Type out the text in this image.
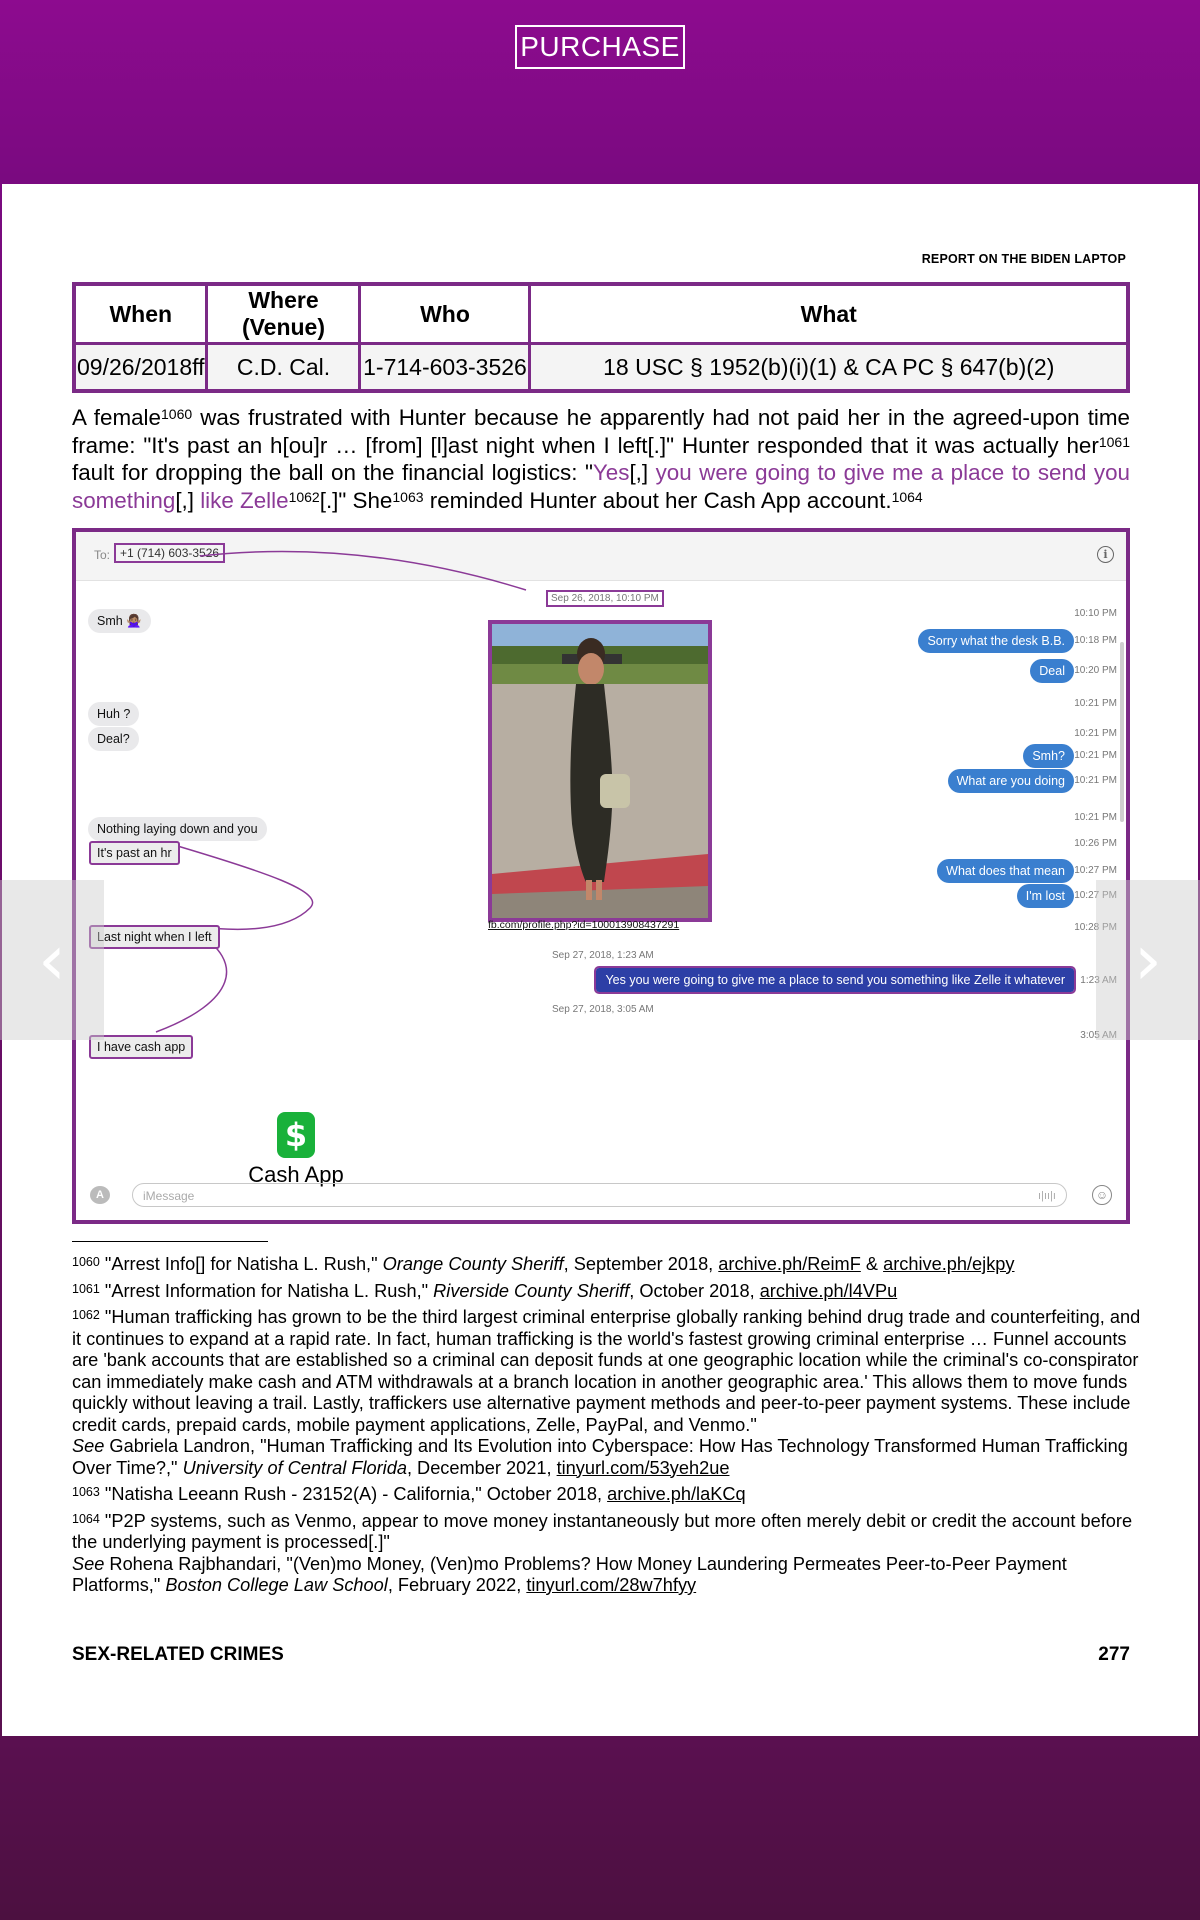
PURCHASE
REPORT ON THE BIDEN LAPTOP
When	Where (Venue)	Who	What
09/26/2018ff	C.D. Cal.	1-714-603-3526	18 USC § 1952(b)(i)(1) & CA PC § 647(b)(2)
A female$^{1060}$ was frustrated with Hunter because he apparently had not paid her in the agreed-upon time frame: "It's past an h[ou]r … [from] [l]ast night when I left[.]" Hunter responded that it was actually her$^{1061}$ fault for dropping the ball on the financial logistics: "Yes[,] you were going to give me a place to send you something[,] like Zelle$^{1062}$[.]" She$^{1063}$ reminded Hunter about her Cash App account.$^{1064}$
To: +1 (714) 603-3526	i
Sep 26, 2018, 10:10 PM
Smh 🙅🏽‍♀️
Huh ?
Deal?
Nothing laying down and you
It's past an hr
Last night when I left
I have cash app
fb.com/profile.php?id=100013908437291
Sorry what the desk B.B.
Deal
Smh?
What are you doing
What does that mean
I'm lost
Sep 27, 2018, 1:23 AM
Yes you were going to give me a place to send you something like Zelle it whatever
Sep 27, 2018, 3:05 AM
10:10 PM
10:18 PM
10:20 PM
10:21 PM
10:21 PM
10:21 PM
10:21 PM
10:21 PM
10:26 PM
10:27 PM
10:27 PM
10:28 PM
1:23 AM
3:05 AM
$
Cash App
A	iMessage	ı|ıı|ı	☺
$^{1060}$ "Arrest Info[] for Natisha L. Rush," Orange County Sheriff, September 2018, archive.ph/ReimF & archive.ph/ejkpy
$^{1061}$ "Arrest Information for Natisha L. Rush," Riverside County Sheriff, October 2018, archive.ph/l4VPu
$^{1062}$ "Human trafficking has grown to be the third largest criminal enterprise globally ranking behind drug trade and counterfeiting, and it continues to expand at a rapid rate. In fact, human trafficking is the world's fastest growing criminal enterprise … Funnel accounts are 'bank accounts that are established so a criminal can deposit funds at one geographic location while the criminal's co-conspirator can immediately make cash and ATM withdrawals at a branch location in another geographic area.' This allows them to move funds quickly without leaving a trail. Lastly, traffickers use alternative payment methods and peer-to-peer payment systems. These include credit cards, prepaid cards, mobile payment applications, Zelle, PayPal, and Venmo."
See Gabriela Landron, "Human Trafficking and Its Evolution into Cyberspace: How Has Technology Transformed Human Trafficking Over Time?," University of Central Florida, December 2021, tinyurl.com/53yeh2ue
$^{1063}$ "Natisha Leeann Rush - 23152(A) - California," October 2018, archive.ph/laKCq
$^{1064}$ "P2P systems, such as Venmo, appear to move money instantaneously but more often merely debit or credit the account before the underlying payment is processed[.]"
See Rohena Rajbhandari, "(Ven)mo Money, (Ven)mo Problems? How Money Laundering Permeates Peer-to-Peer Payment Platforms," Boston College Law School, February 2022, tinyurl.com/28w7hfyy
SEX-RELATED CRIMES	277
‹	›
